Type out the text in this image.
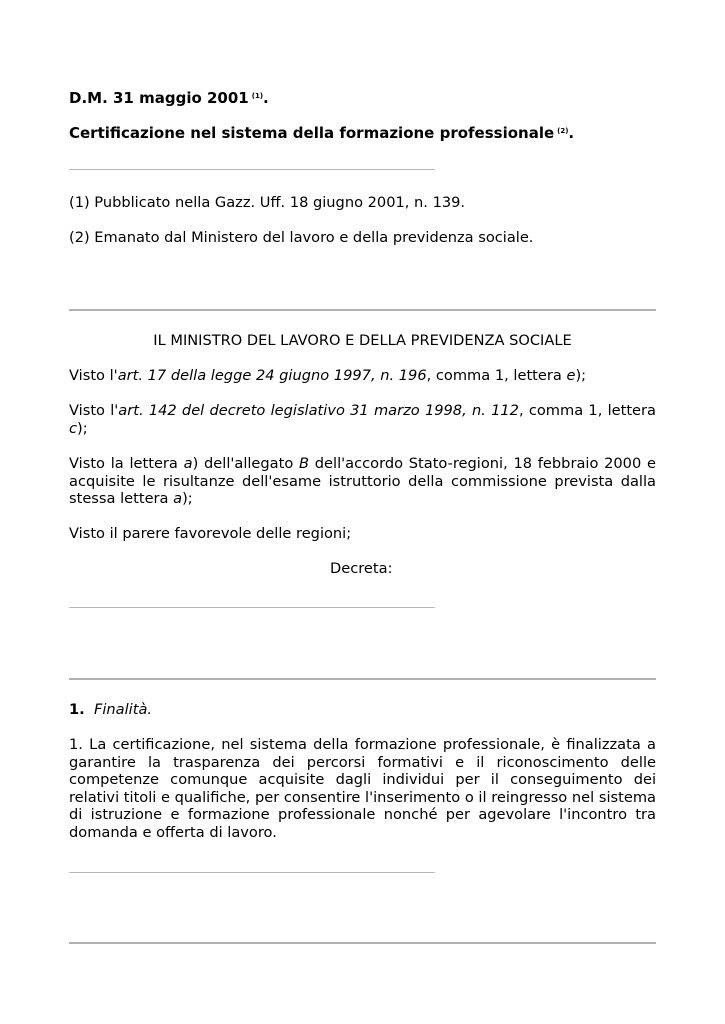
D.M. 31 maggio 2001 $^{(1)}$.

Certificazione nel sistema della formazione professionale $^{(2)}$.

(1) Pubblicato nella Gazz. Uff. 18 giugno 2001, n. 139.

(2) Emanato dal Ministero del lavoro e della previdenza sociale.

IL MINISTRO DEL LAVORO E DELLA PREVIDENZA SOCIALE

Visto l'art. 17 della legge 24 giugno 1997, n. 196, comma 1, lettera e);

Visto l'art. 142 del decreto legislativo 31 marzo 1998, n. 112, comma 1, lettera c);

Visto la lettera a) dell'allegato B dell'accordo Stato-regioni, 18 febbraio 2000 e acquisite le risultanze dell'esame istruttorio della commissione prevista dalla stessa lettera a);

Visto il parere favorevole delle regioni;

Decreta:

1. Finalità.

1. La certificazione, nel sistema della formazione professionale, è finalizzata a garantire la trasparenza dei percorsi formativi e il riconoscimento delle competenze comunque acquisite dagli individui per il conseguimento dei relativi titoli e qualifiche, per consentire l'inserimento o il reingresso nel sistema di istruzione e formazione professionale nonché per agevolare l'incontro tra domanda e offerta di lavoro.
